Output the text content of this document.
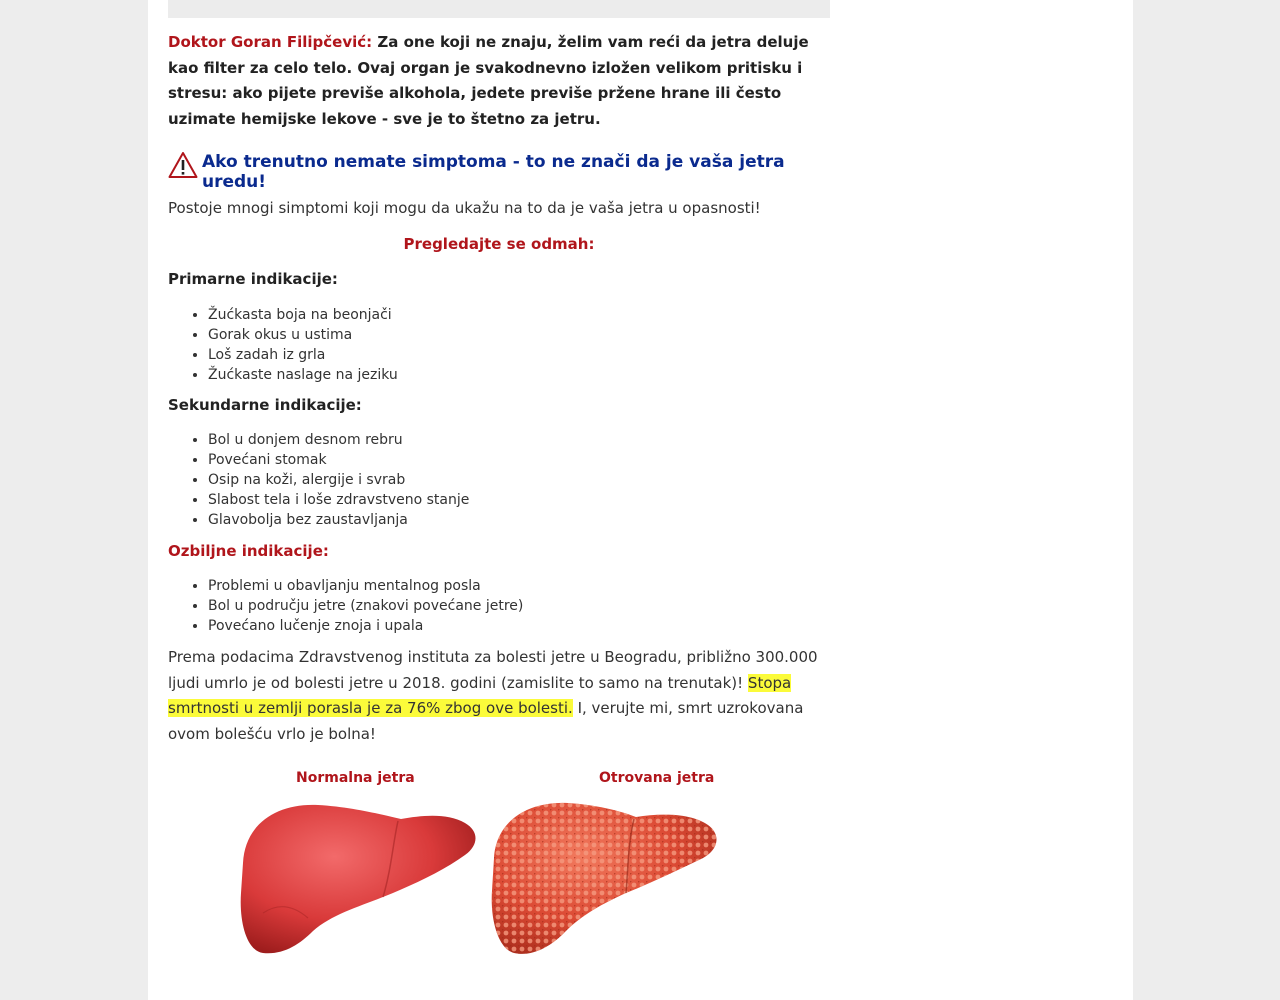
Doktor Goran Filipčević: Za one koji ne znaju, želim vam reći da jetra deluje kao filter za celo telo. Ovaj organ je svakodnevno izložen velikom pritisku i stresu: ako pijete previše alkohola, jedete previše pržene hrane ili često uzimate hemijske lekove - sve je to štetno za jetru.

Ako trenutno nemate simptoma - to ne znači da je vaša jetra uredu!

Postoje mnogi simptomi koji mogu da ukažu na to da je vaša jetra u opasnosti!

Pregledajte se odmah:

Primarne indikacije:

• Žućkasta boja na beonjači
• Gorak okus u ustima
• Loš zadah iz grla
• Žućkaste naslage na jeziku

Sekundarne indikacije:

• Bol u donjem desnom rebru
• Povećani stomak
• Osip na koži, alergije i svrab
• Slabost tela i loše zdravstveno stanje
• Glavobolja bez zaustavljanja

Ozbiljne indikacije:

• Problemi u obavljanju mentalnog posla
• Bol u području jetre (znakovi povećane jetre)
• Povećano lučenje znoja i upala

Prema podacima Zdravstvenog instituta za bolesti jetre u Beogradu, približno 300.000 ljudi umrlo je od bolesti jetre u 2018. godini (zamislite to samo na trenutak)! Stopa smrtnosti u zemlji porasla je za 76% zbog ove bolesti. I, verujte mi, smrt uzrokovana ovom bolešću vrlo je bolna!

Normalna jetra	Otrovana jetra
